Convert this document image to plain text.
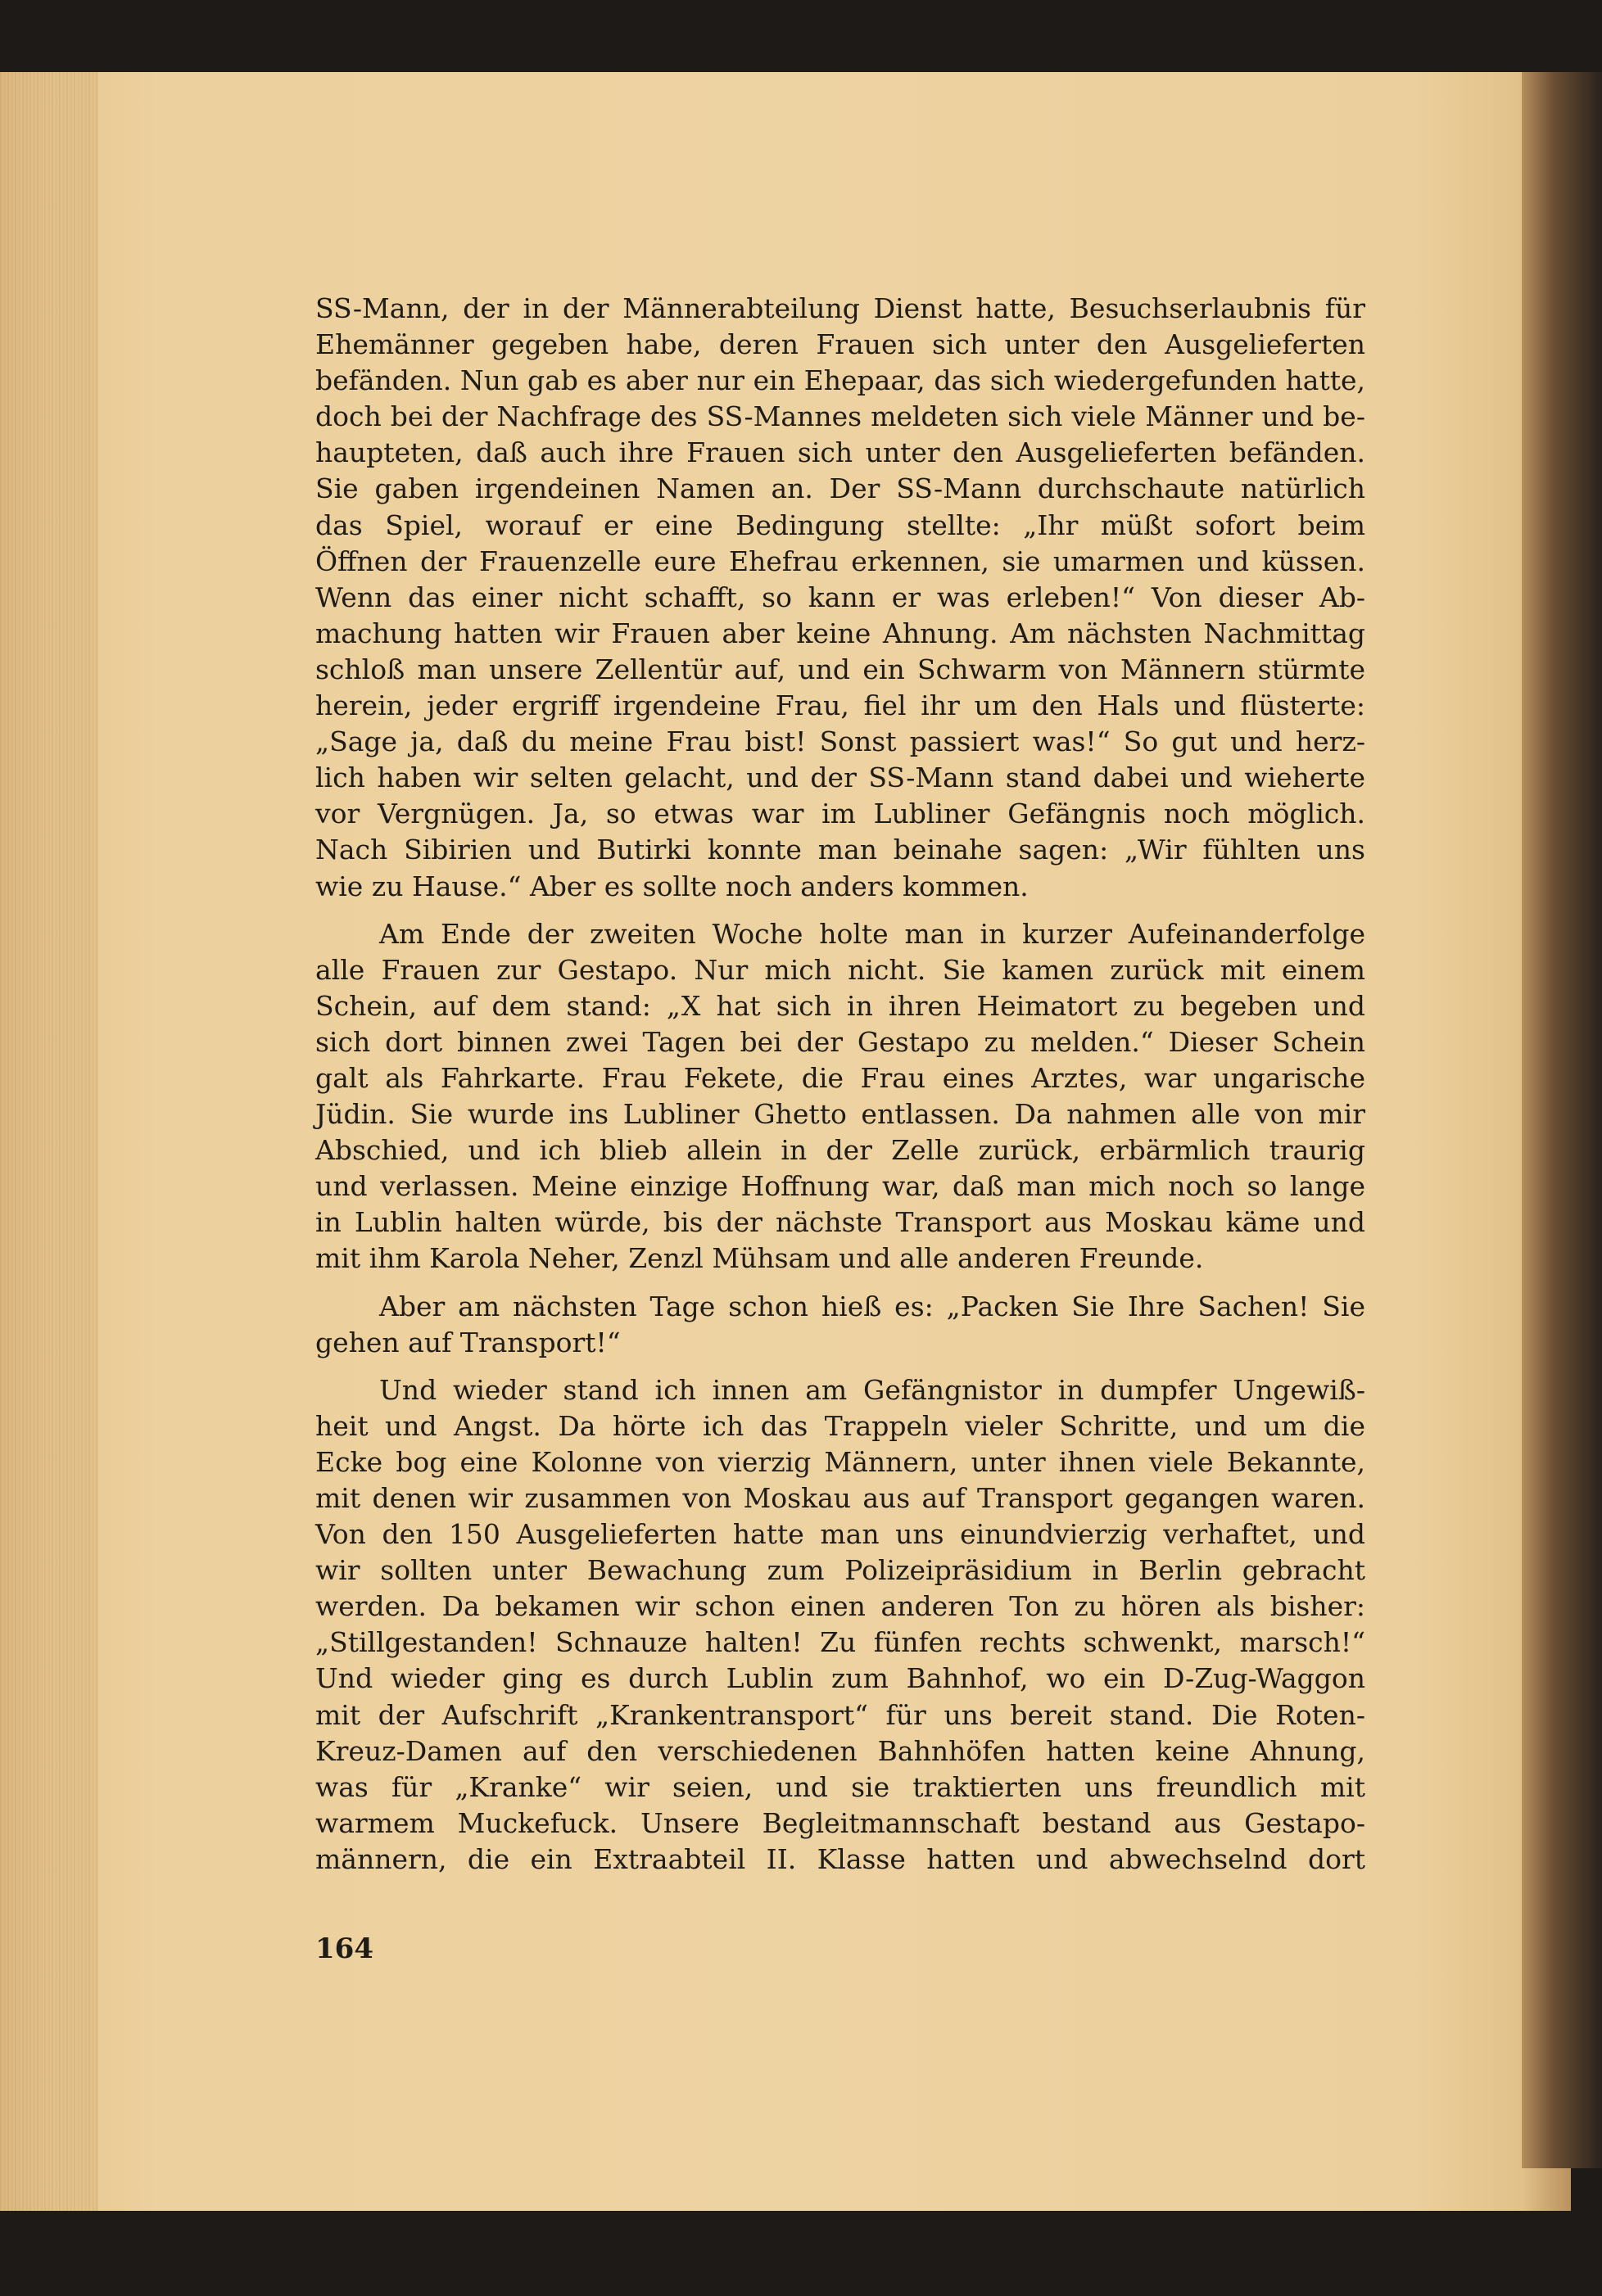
SS-Mann, der in der Männerabteilung Dienst hatte, Besuchserlaubnis für
Ehemänner gegeben habe, deren Frauen sich unter den Ausgelieferten
befänden. Nun gab es aber nur ein Ehepaar, das sich wiedergefunden hatte,
doch bei der Nachfrage des SS-Mannes meldeten sich viele Männer und be-
haupteten, daß auch ihre Frauen sich unter den Ausgelieferten befänden.
Sie gaben irgendeinen Namen an. Der SS-Mann durchschaute natürlich
das Spiel, worauf er eine Bedingung stellte: „Ihr müßt sofort beim
Öffnen der Frauenzelle eure Ehefrau erkennen, sie umarmen und küssen.
Wenn das einer nicht schafft, so kann er was erleben!“ Von dieser Ab-
machung hatten wir Frauen aber keine Ahnung. Am nächsten Nachmittag
schloß man unsere Zellentür auf, und ein Schwarm von Männern stürmte
herein, jeder ergriff irgendeine Frau, fiel ihr um den Hals und flüsterte:
„Sage ja, daß du meine Frau bist! Sonst passiert was!“ So gut und herz-
lich haben wir selten gelacht, und der SS-Mann stand dabei und wieherte
vor Vergnügen. Ja, so etwas war im Lubliner Gefängnis noch möglich.
Nach Sibirien und Butirki konnte man beinahe sagen: „Wir fühlten uns
wie zu Hause.“ Aber es sollte noch anders kommen.
Am Ende der zweiten Woche holte man in kurzer Aufeinanderfolge
alle Frauen zur Gestapo. Nur mich nicht. Sie kamen zurück mit einem
Schein, auf dem stand: „X hat sich in ihren Heimatort zu begeben und
sich dort binnen zwei Tagen bei der Gestapo zu melden.“ Dieser Schein
galt als Fahrkarte. Frau Fekete, die Frau eines Arztes, war ungarische
Jüdin. Sie wurde ins Lubliner Ghetto entlassen. Da nahmen alle von mir
Abschied, und ich blieb allein in der Zelle zurück, erbärmlich traurig
und verlassen. Meine einzige Hoffnung war, daß man mich noch so lange
in Lublin halten würde, bis der nächste Transport aus Moskau käme und
mit ihm Karola Neher, Zenzl Mühsam und alle anderen Freunde.
Aber am nächsten Tage schon hieß es: „Packen Sie Ihre Sachen! Sie
gehen auf Transport!“
Und wieder stand ich innen am Gefängnistor in dumpfer Ungewiß-
heit und Angst. Da hörte ich das Trappeln vieler Schritte, und um die
Ecke bog eine Kolonne von vierzig Männern, unter ihnen viele Bekannte,
mit denen wir zusammen von Moskau aus auf Transport gegangen waren.
Von den 150 Ausgelieferten hatte man uns einundvierzig verhaftet, und
wir sollten unter Bewachung zum Polizeipräsidium in Berlin gebracht
werden. Da bekamen wir schon einen anderen Ton zu hören als bisher:
„Stillgestanden! Schnauze halten! Zu fünfen rechts schwenkt, marsch!“
Und wieder ging es durch Lublin zum Bahnhof, wo ein D-Zug-Waggon
mit der Aufschrift „Krankentransport“ für uns bereit stand. Die Roten-
Kreuz-Damen auf den verschiedenen Bahnhöfen hatten keine Ahnung,
was für „Kranke“ wir seien, und sie traktierten uns freundlich mit
warmem Muckefuck. Unsere Begleitmannschaft bestand aus Gestapo-
männern, die ein Extraabteil II. Klasse hatten und abwechselnd dort
164
